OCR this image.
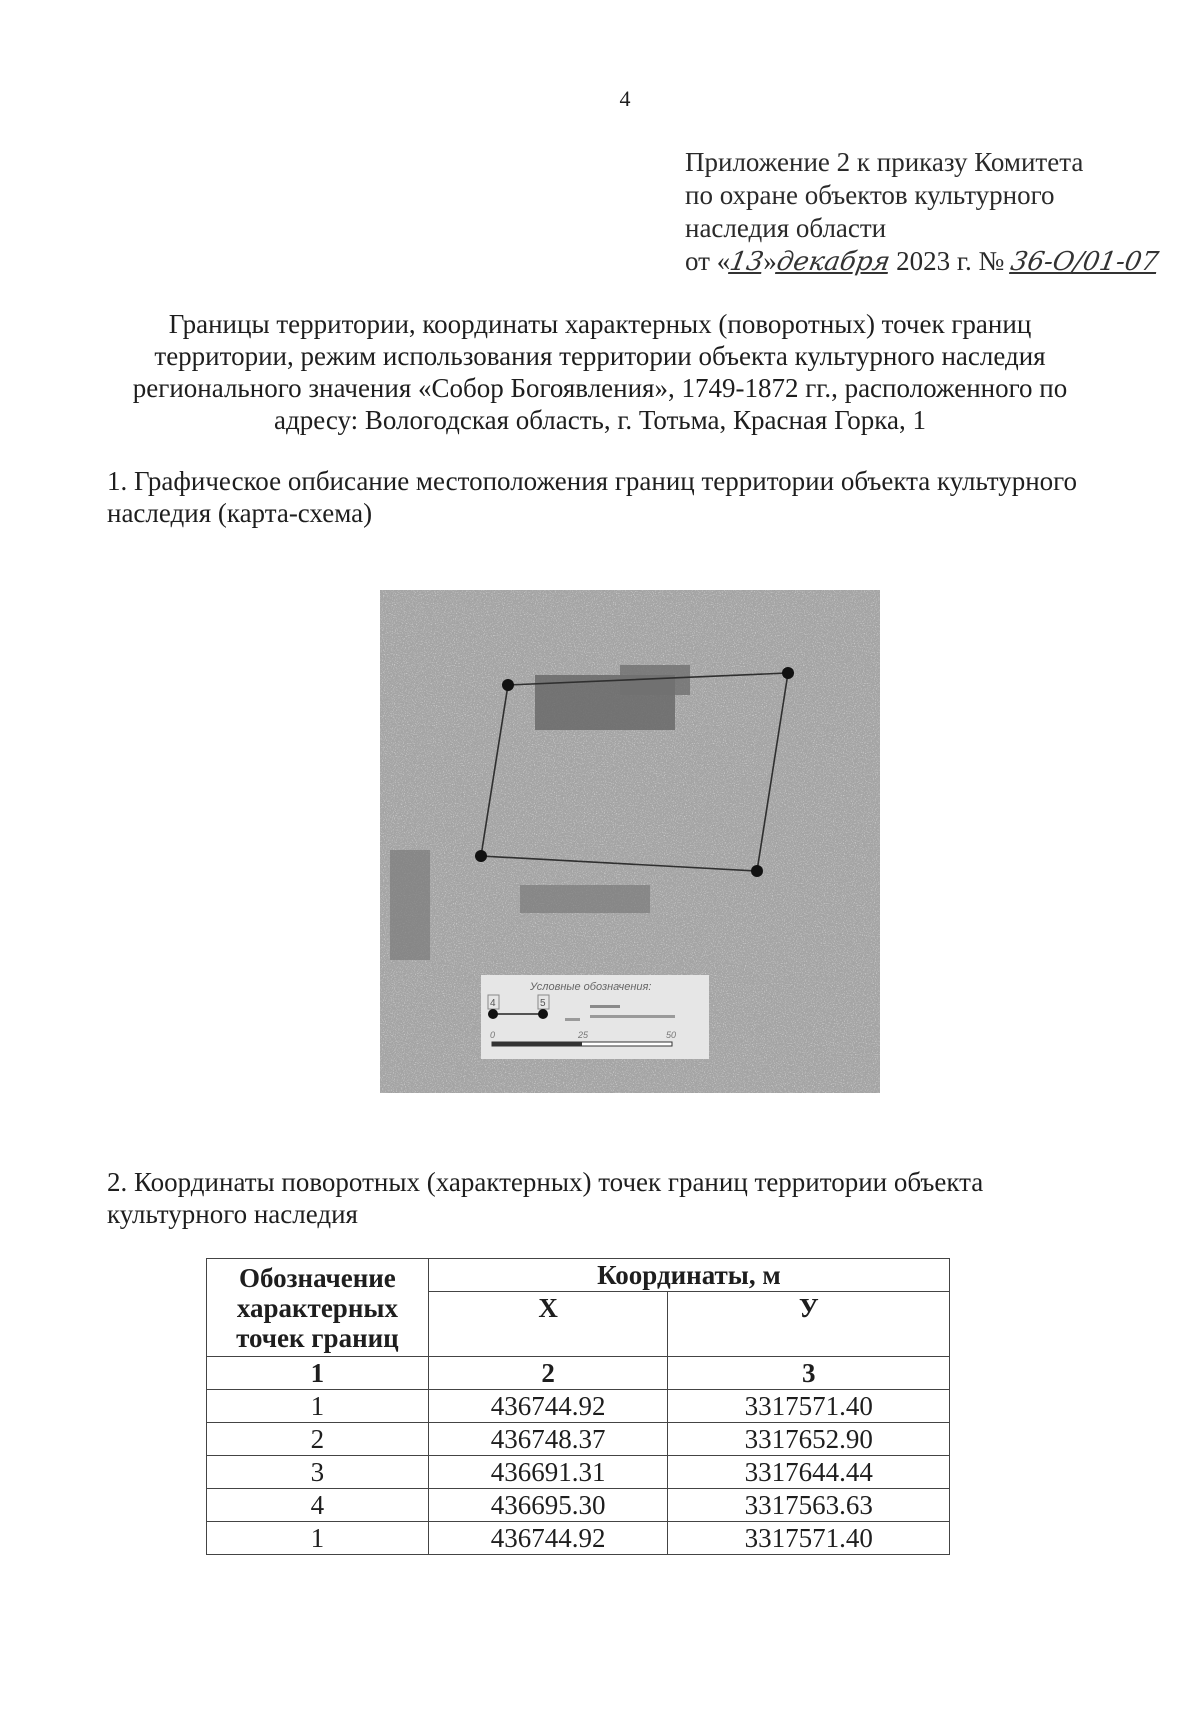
4
Приложение 2 к приказу Комитета
по охране объектов культурного
наследия области
от «13»декабря 2023 г. № 36-О/01-07
Границы территории, координаты характерных (поворотных) точек границ территории, режим использования территории объекта культурного наследия регионального значения «Собор Богоявления», 1749-1872 гг., расположенного по адресу: Вологодская область, г. Тотьма, Красная Горка, 1
1. Графическое опбисание местоположения границ территории объекта культурного наследия (карта-схема)
Условные обозначения:
4	5
0	25	50
2. Координаты поворотных (характерных) точек границ территории объекта культурного наследия
Обозначение характерных точек границ	Координаты, м	
	Х	У
1	2	3
1	436744.92	3317571.40
2	436748.37	3317652.90
3	436691.31	3317644.44
4	436695.30	3317563.63
1	436744.92	3317571.40
